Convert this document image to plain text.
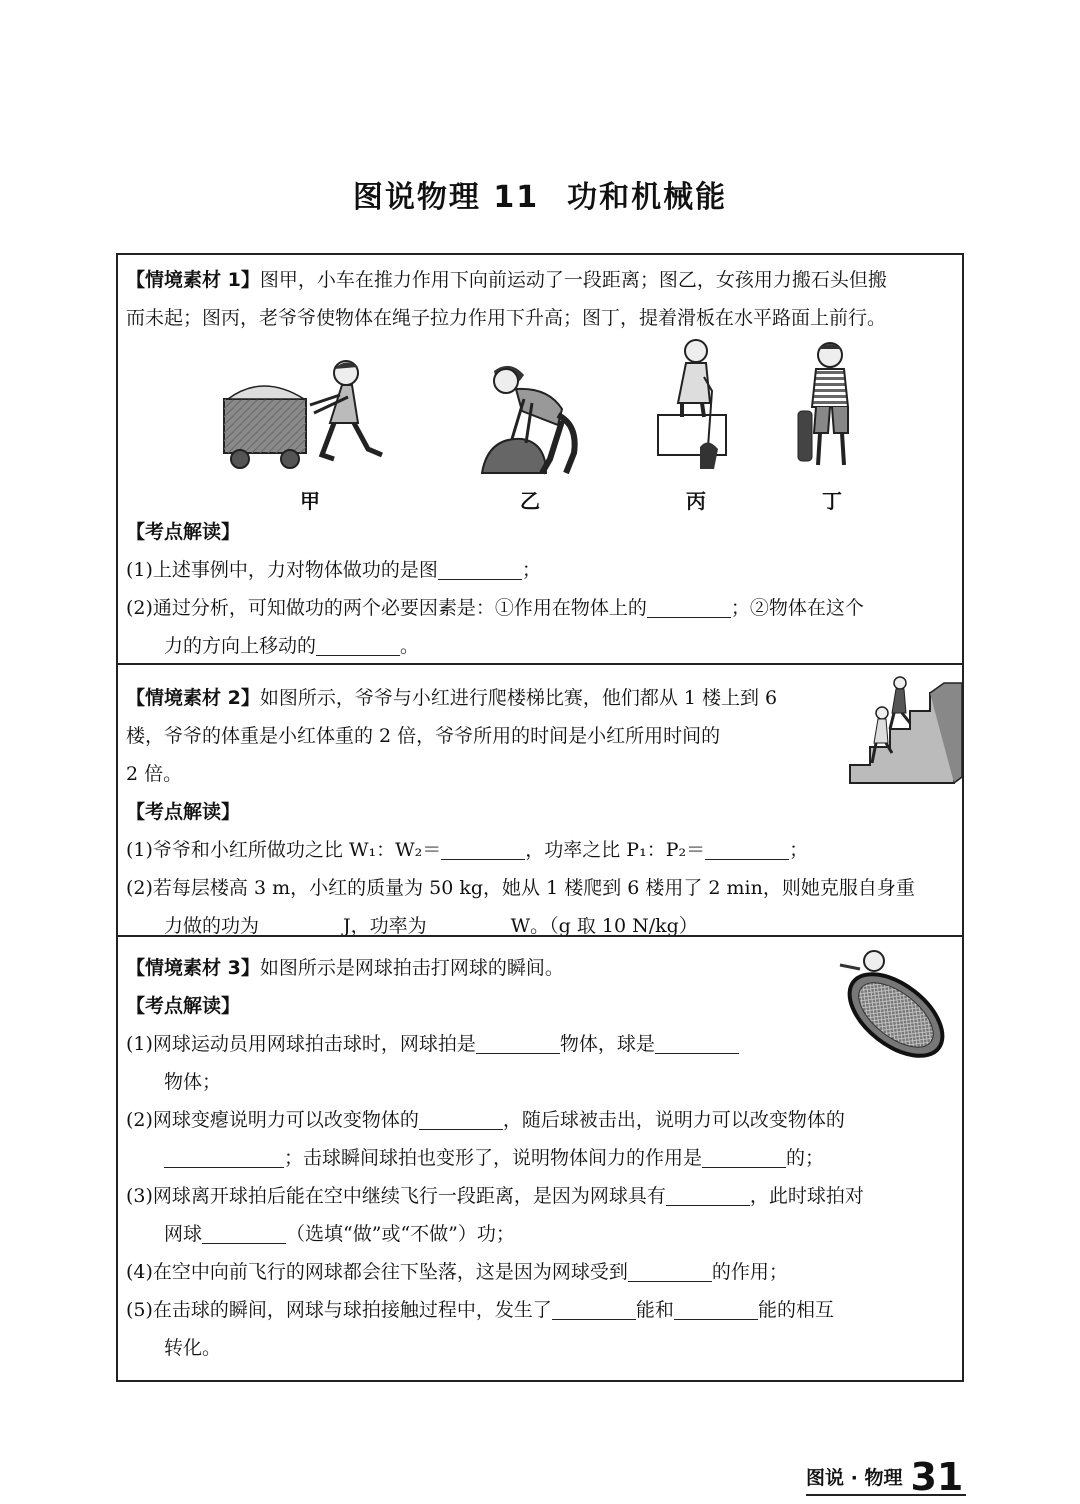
图说物理 11 功和机械能
【情境素材 1】图甲，小车在推力作用下向前运动了一段距离；图乙，女孩用力搬石头但搬
而未起；图丙，老爷爷使物体在绳子拉力作用下升高；图丁，提着滑板在水平路面上前行。
甲	乙	丙	丁
【考点解读】
(1)上述事例中，力对物体做功的是图	；
(2)通过分析，可知做功的两个必要因素是：①作用在物体上的	；②物体在这个
力的方向上移动的	。
【情境素材 2】如图所示，爷爷与小红进行爬楼梯比赛，他们都从 1 楼上到 6
楼，爷爷的体重是小红体重的 2 倍，爷爷所用的时间是小红所用时间的
2 倍。
【考点解读】
(1)爷爷和小红所做功之比 W₁：W₂＝	，功率之比 P₁：P₂＝	；
(2)若每层楼高 3 m，小红的质量为 50 kg，她从 1 楼爬到 6 楼用了 2 min，则她克服自身重
力做的功为	J，功率为	W。（g 取 10 N/kg）
【情境素材 3】如图所示是网球拍击打网球的瞬间。
【考点解读】
(1)网球运动员用网球拍击球时，网球拍是	物体，球是
物体；
(2)网球变瘪说明力可以改变物体的	，随后球被击出，说明力可以改变物体的
；击球瞬间球拍也变形了，说明物体间力的作用是	的；
(3)网球离开球拍后能在空中继续飞行一段距离，是因为网球具有	，此时球拍对
网球	（选填“做”或“不做”）功；
(4)在空中向前飞行的网球都会往下坠落，这是因为网球受到	的作用；
(5)在击球的瞬间，网球与球拍接触过程中，发生了	能和	能的相互
转化。
图说 · 物理 31
